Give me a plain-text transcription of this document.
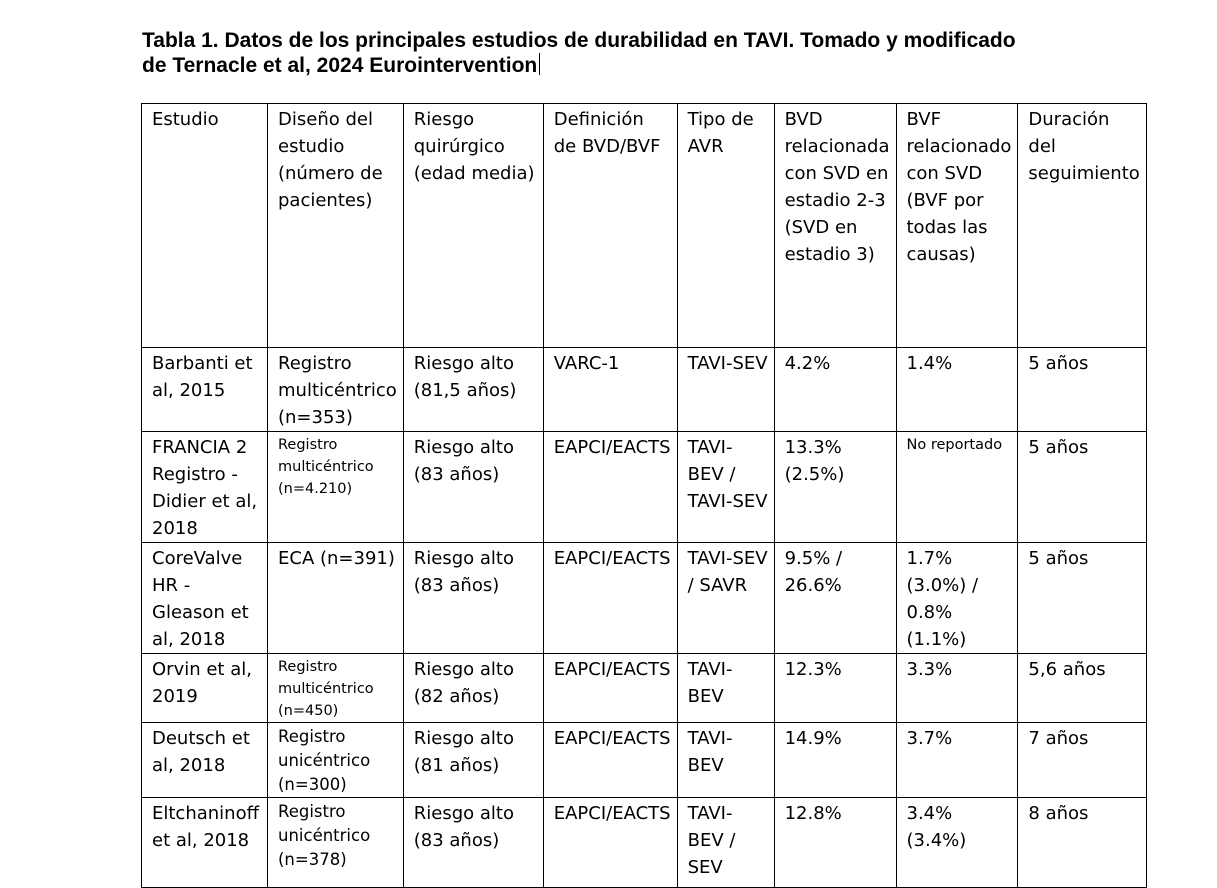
Tabla 1. Datos de los principales estudios de durabilidad en TAVI. Tomado y modificado
de Ternacle et al, 2024 Eurointervention
Estudio	Diseño del estudio (número de pacientes)	Riesgo quirúrgico (edad media)	Definición de BVD/BVF	Tipo de AVR	BVD relacionada con SVD en estadio 2-3 (SVD en estadio 3)	BVF relacionado con SVD (BVF por todas las causas)	Duración del seguimiento
Barbanti et al, 2015	Registro multicéntrico (n=353)	Riesgo alto (81,5 años)	VARC-1	TAVI-SEV	4.2%	1.4%	5 años
FRANCIA 2 Registro - Didier et al, 2018	Registro multicéntrico (n=4.210)	Riesgo alto (83 años)	EAPCI/EACTS	TAVI-BEV / TAVI-SEV	13.3% (2.5%)	No reportado	5 años
CoreValve HR - Gleason et al, 2018	ECA (n=391)	Riesgo alto (83 años)	EAPCI/EACTS	TAVI-SEV / SAVR	9.5% / 26.6%	1.7% (3.0%) / 0.8% (1.1%)	5 años
Orvin et al, 2019	Registro multicéntrico (n=450)	Riesgo alto (82 años)	EAPCI/EACTS	TAVI-BEV	12.3%	3.3%	5,6 años
Deutsch et al, 2018	Registro unicéntrico (n=300)	Riesgo alto (81 años)	EAPCI/EACTS	TAVI-BEV	14.9%	3.7%	7 años
Eltchaninoff et al, 2018	Registro unicéntrico (n=378)	Riesgo alto (83 años)	EAPCI/EACTS	TAVI-BEV / SEV	12.8%	3.4% (3.4%)	8 años
